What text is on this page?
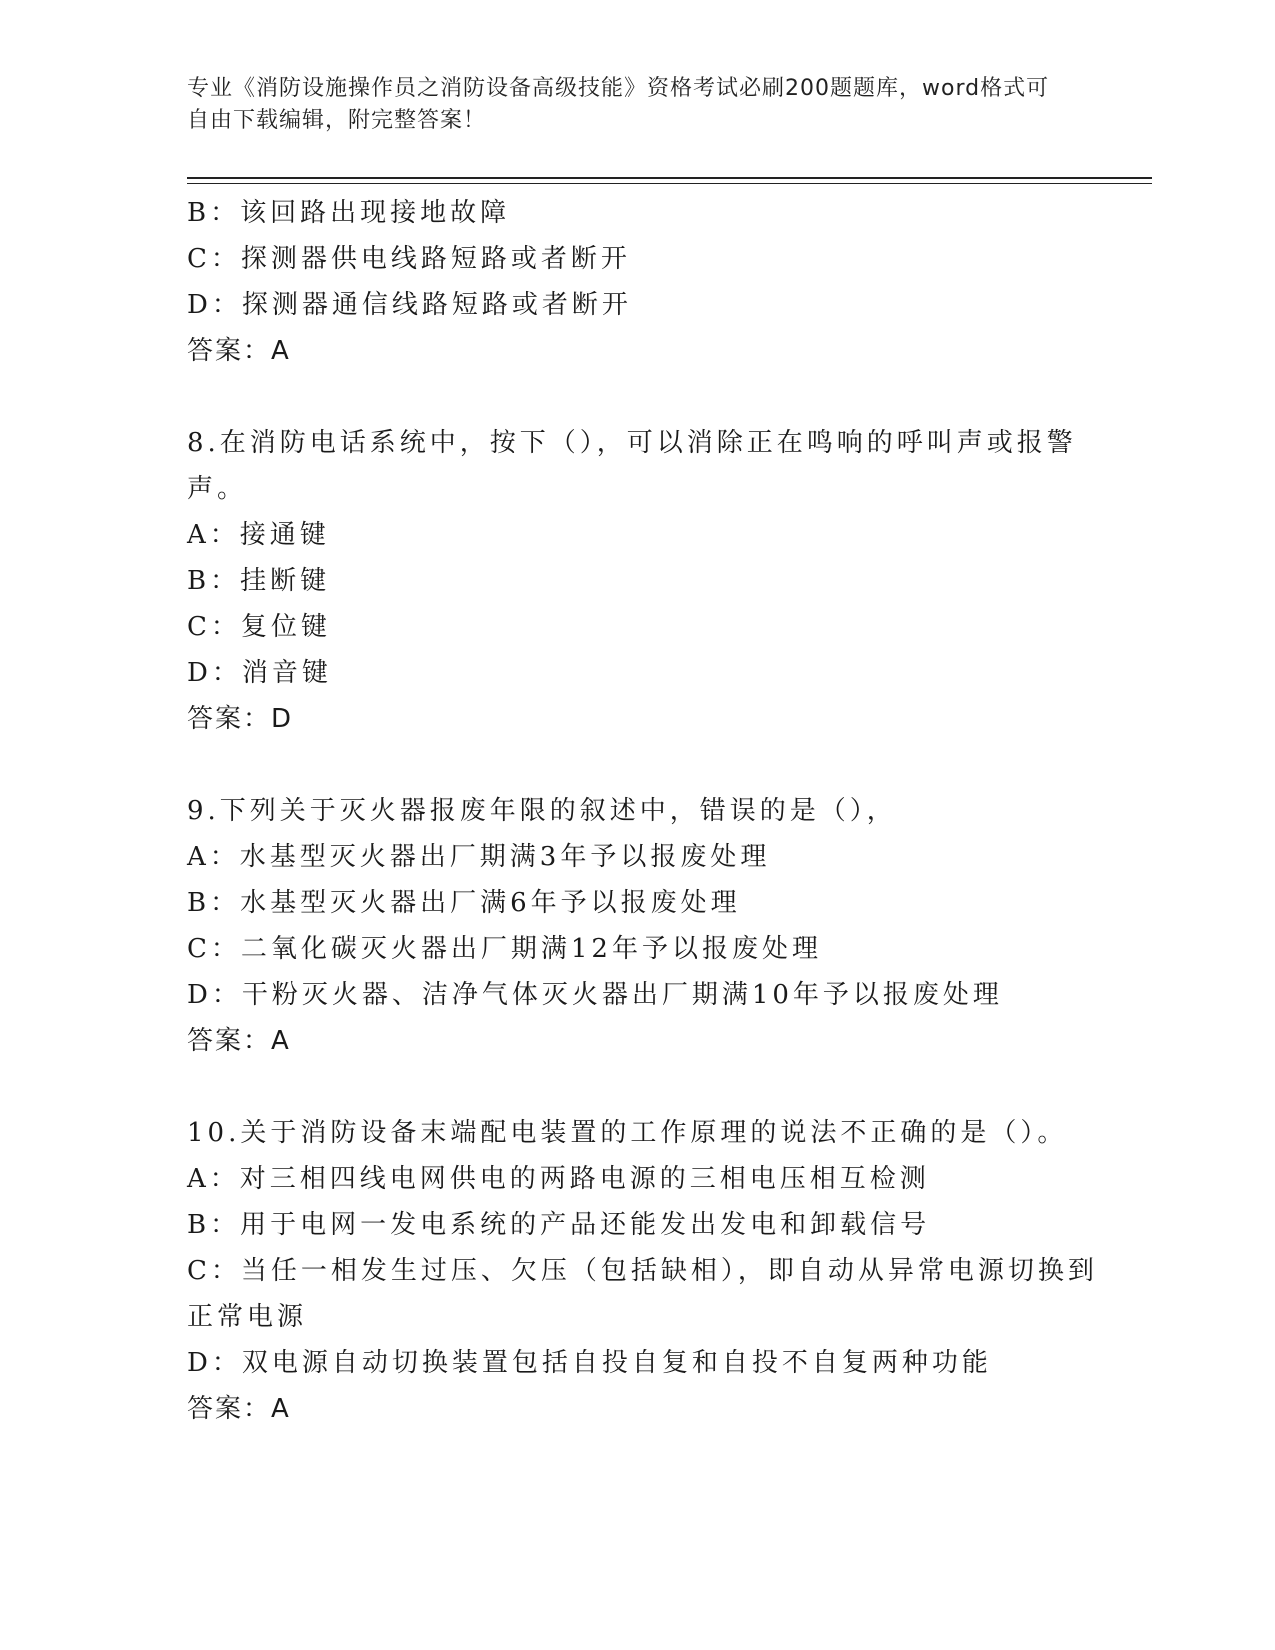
专业《消防设施操作员之消防设备高级技能》资格考试必刷200题题库，word格式可自由下载编辑，附完整答案！
B：该回路出现接地故障
C：探测器供电线路短路或者断开
D：探测器通信线路短路或者断开
答案：A
8.在消防电话系统中，按下（），可以消除正在鸣响的呼叫声或报警
声。
A：接通键
B：挂断键
C：复位键
D：消音键
答案：D
9.下列关于灭火器报废年限的叙述中，错误的是（），
A：水基型灭火器出厂期满3年予以报废处理
B：水基型灭火器出厂满6年予以报废处理
C：二氧化碳灭火器出厂期满12年予以报废处理
D：干粉灭火器、洁净气体灭火器出厂期满10年予以报废处理
答案：A
10.关于消防设备末端配电装置的工作原理的说法不正确的是（）。
A：对三相四线电网供电的两路电源的三相电压相互检测
B：用于电网一发电系统的产品还能发出发电和卸载信号
C：当任一相发生过压、欠压（包括缺相），即自动从异常电源切换到
正常电源
D：双电源自动切换装置包括自投自复和自投不自复两种功能
答案：A
